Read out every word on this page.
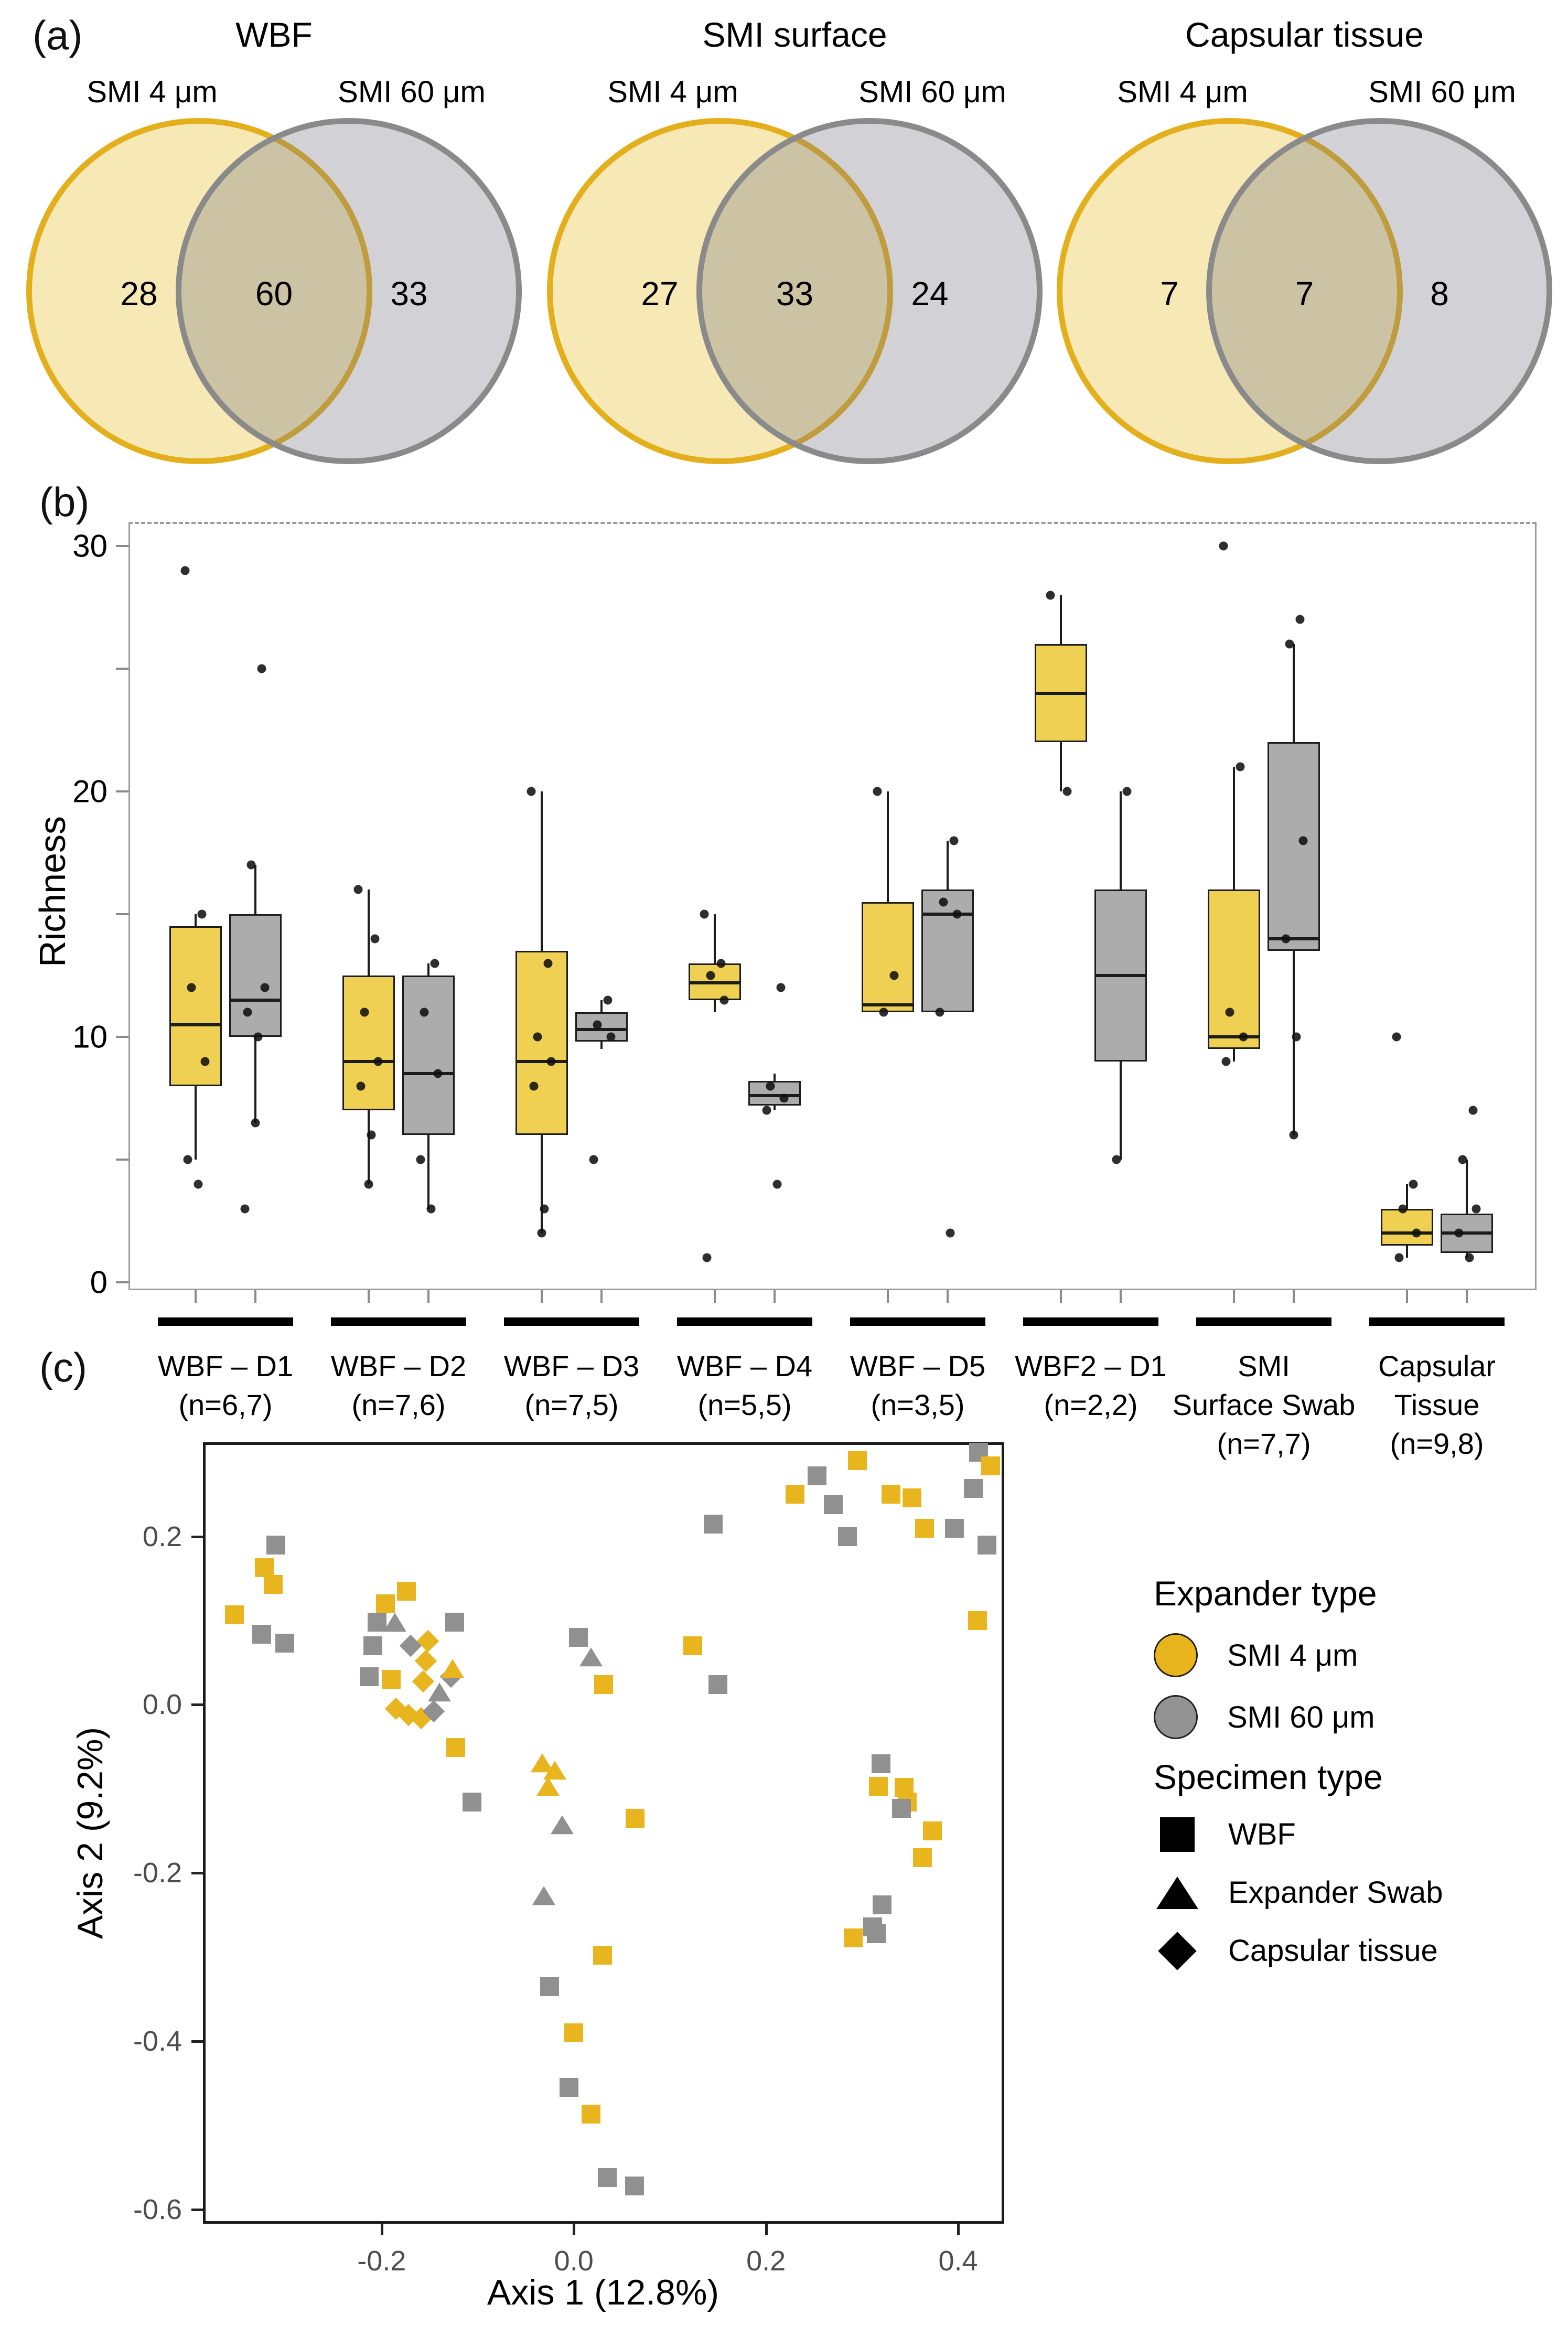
(a)
(b)
(c)
WBF
SMI 4 μm	SMI 60 μm
28	60	33
SMI surface
SMI 4 μm	SMI 60 μm
27	33	24
Capsular tissue
SMI 4 μm	SMI 60 μm
7	7	8
Richness
0
10
20
30
WBF – D1
(n=6,7)
WBF – D2
(n=7,6)
WBF – D3
(n=7,5)
WBF – D4
(n=5,5)
WBF – D5
(n=3,5)
WBF2 – D1
(n=2,2)
SMI
Surface Swab
(n=7,7)
Capsular
Tissue
(n=9,8)
Axis 2 (9.2%)
Axis 1 (12.8%)
0.2
0.0
-0.2
-0.4
-0.6
-0.2	0.0	0.2	0.4
Expander type
SMI 4 μm
SMI 60 μm
Specimen type
WBF
Expander Swab
Capsular tissue
